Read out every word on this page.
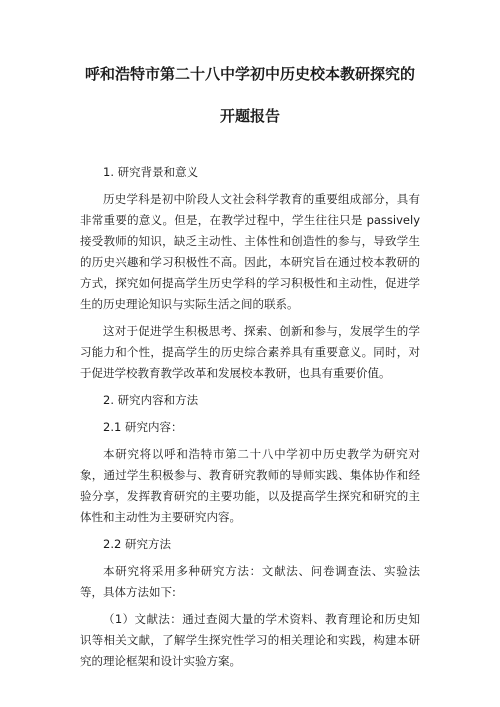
呼和浩特市第二十八中学初中历史校本教研探究的

开题报告

1. 研究背景和意义

历史学科是初中阶段人文社会科学教育的重要组成部分，具有非常重要的意义。但是，在教学过程中，学生往往只是 passively 接受教师的知识，缺乏主动性、主体性和创造性的参与，导致学生的历史兴趣和学习积极性不高。因此，本研究旨在通过校本教研的方式，探究如何提高学生历史学科的学习积极性和主动性，促进学生的历史理论知识与实际生活之间的联系。

这对于促进学生积极思考、探索、创新和参与，发展学生的学习能力和个性，提高学生的历史综合素养具有重要意义。同时，对于促进学校教育教学改革和发展校本教研，也具有重要价值。

2. 研究内容和方法

2.1 研究内容：

本研究将以呼和浩特市第二十八中学初中历史教学为研究对象，通过学生积极参与、教育研究教师的导师实践、集体协作和经验分享，发挥教育研究的主要功能，以及提高学生探究和研究的主体性和主动性为主要研究内容。

2.2 研究方法

本研究将采用多种研究方法：文献法、问卷调查法、实验法等，具体方法如下:

（1）文献法：通过查阅大量的学术资料、教育理论和历史知识等相关文献，了解学生探究性学习的相关理论和实践，构建本研究的理论框架和设计实验方案。
